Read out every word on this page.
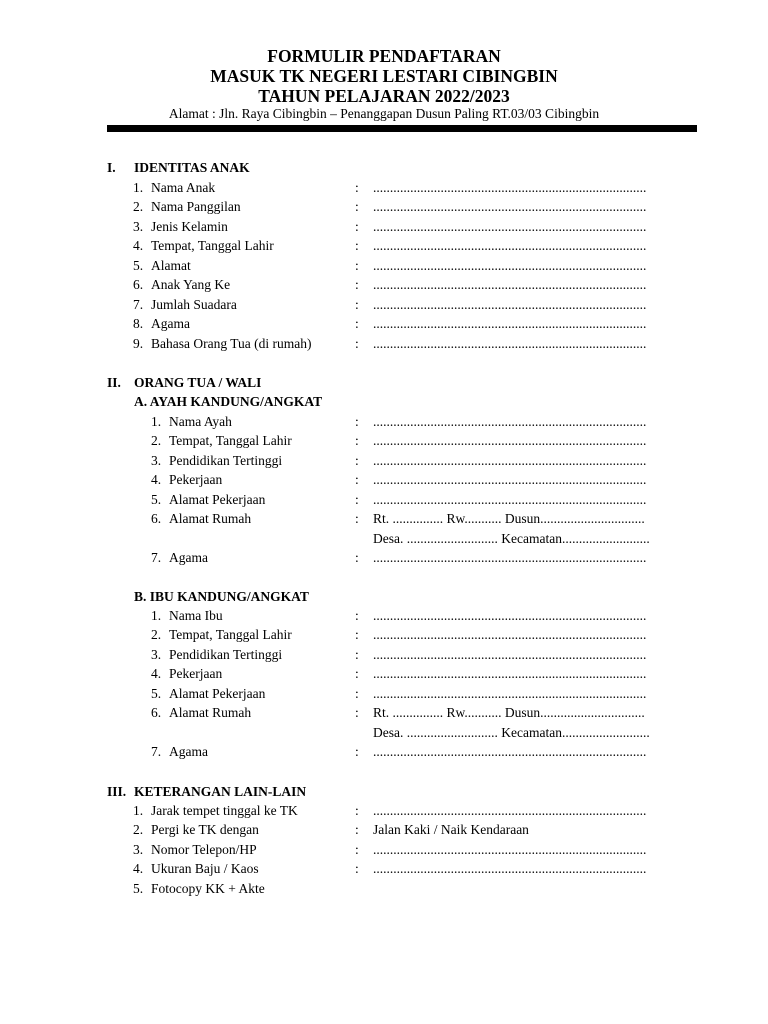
FORMULIR PENDAFTARAN
MASUK TK NEGERI LESTARI CIBINGBIN
TAHUN PELAJARAN 2022/2023
Alamat : Jln. Raya Cibingbin – Penanggapan Dusun Paling RT.03/03 Cibingbin
I. IDENTITAS ANAK
1. Nama Anak	: .................................................................................
2. Nama Panggilan	: .................................................................................
3. Jenis Kelamin	: .................................................................................
4. Tempat, Tanggal Lahir	: .................................................................................
5. Alamat	: .................................................................................
6. Anak Yang Ke	: .................................................................................
7. Jumlah Suadara	: .................................................................................
8. Agama	: .................................................................................
9. Bahasa Orang Tua (di rumah)	: .................................................................................
II. ORANG TUA / WALI
A. AYAH KANDUNG/ANGKAT
1. Nama Ayah	: .................................................................................
2. Tempat, Tanggal Lahir	: .................................................................................
3. Pendidikan Tertinggi	: .................................................................................
4. Pekerjaan	: .................................................................................
5. Alamat Pekerjaan	: .................................................................................
6. Alamat Rumah	: Rt. ............... Rw........... Dusun...............................
Desa. ........................... Kecamatan..........................
7. Agama	: .................................................................................
B. IBU KANDUNG/ANGKAT
1. Nama Ibu	: .................................................................................
2. Tempat, Tanggal Lahir	: .................................................................................
3. Pendidikan Tertinggi	: .................................................................................
4. Pekerjaan	: .................................................................................
5. Alamat Pekerjaan	: .................................................................................
6. Alamat Rumah	: Rt. ............... Rw........... Dusun...............................
Desa. ........................... Kecamatan..........................
7. Agama	: .................................................................................
III. KETERANGAN LAIN-LAIN
1. Jarak tempet tinggal ke TK	: .................................................................................
2. Pergi ke TK dengan	: Jalan Kaki / Naik Kendaraan
3. Nomor Telepon/HP	: .................................................................................
4. Ukuran Baju / Kaos	: .................................................................................
5. Fotocopy KK + Akte
